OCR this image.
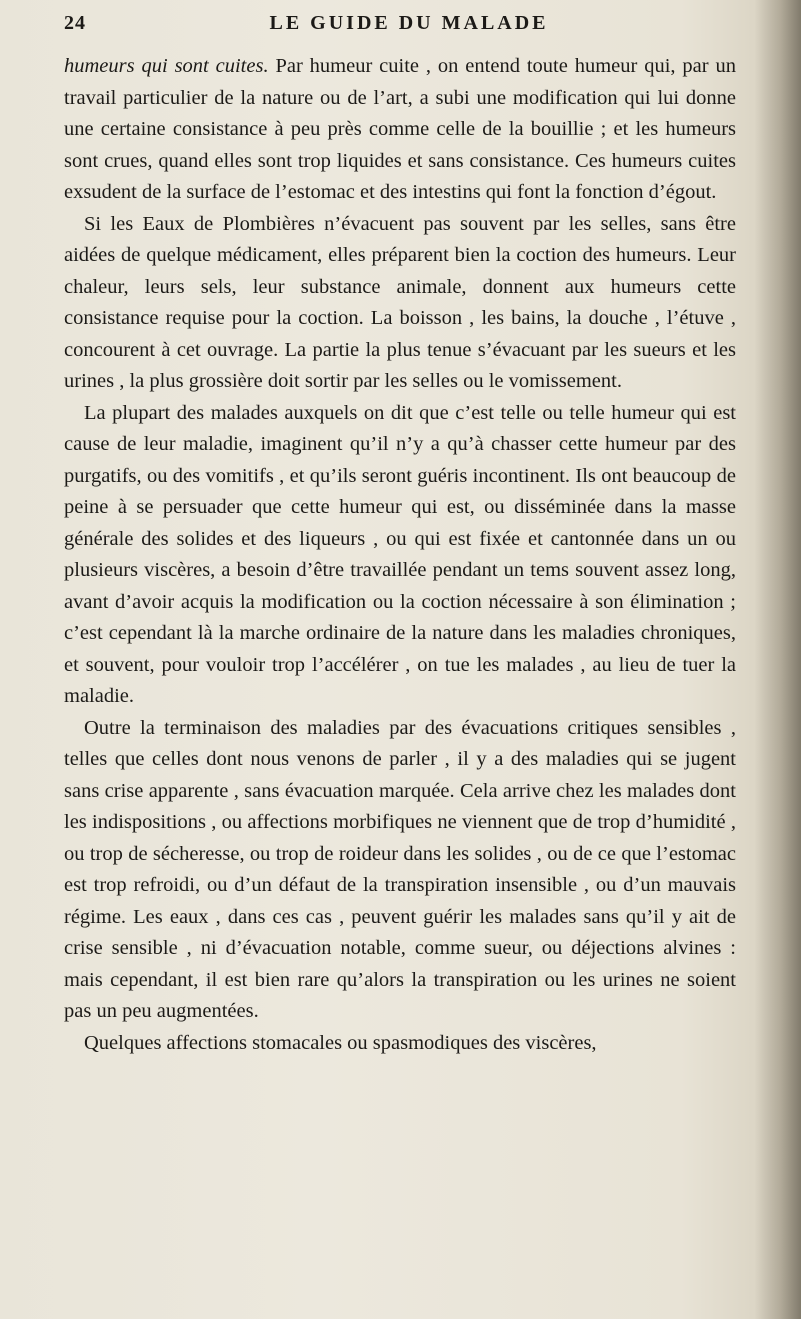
24	LE GUIDE DU MALADE

humeurs qui sont cuites. Par humeur cuite , on entend toute humeur qui, par un travail particulier de la nature ou de l’art, a subi une modification qui lui donne une certaine consistance à peu près comme celle de la bouillie ; et les humeurs sont crues, quand elles sont trop liquides et sans consistance. Ces humeurs cuites exsudent de la surface de l’estomac et des intestins qui font la fonction d’égout.

Si les Eaux de Plombières n’évacuent pas souvent par les selles, sans être aidées de quelque médicament, elles préparent bien la coction des humeurs. Leur chaleur, leurs sels, leur substance animale, donnent aux humeurs cette consistance requise pour la coction. La boisson , les bains, la douche , l’étuve , concourent à cet ouvrage. La partie la plus tenue s’évacuant par les sueurs et les urines , la plus grossière doit sortir par les selles ou le vomissement.

La plupart des malades auxquels on dit que c’est telle ou telle humeur qui est cause de leur maladie, imaginent qu’il n’y a qu’à chasser cette humeur par des purgatifs, ou des vomitifs , et qu’ils seront guéris incontinent. Ils ont beaucoup de peine à se persuader que cette humeur qui est, ou disséminée dans la masse générale des solides et des liqueurs , ou qui est fixée et cantonnée dans un ou plusieurs viscères, a besoin d’être travaillée pendant un tems souvent assez long, avant d’avoir acquis la modification ou la coction nécessaire à son élimination ; c’est cependant là la marche ordinaire de la nature dans les maladies chroniques, et souvent, pour vouloir trop l’accélérer , on tue les malades , au lieu de tuer la maladie.

Outre la terminaison des maladies par des évacuations critiques sensibles , telles que celles dont nous venons de parler , il y a des maladies qui se jugent sans crise apparente , sans évacuation marquée. Cela arrive chez les malades dont les indispositions , ou affections morbifiques ne viennent que de trop d’humidité , ou trop de sécheresse, ou trop de roideur dans les solides , ou de ce que l’estomac est trop refroidi, ou d’un défaut de la transpiration insensible , ou d’un mauvais régime. Les eaux , dans ces cas , peuvent guérir les malades sans qu’il y ait de crise sensible , ni d’évacuation notable, comme sueur, ou déjections alvines : mais cependant, il est bien rare qu’alors la transpiration ou les urines ne soient pas un peu augmentées.

Quelques affections stomacales ou spasmodiques des viscères,
